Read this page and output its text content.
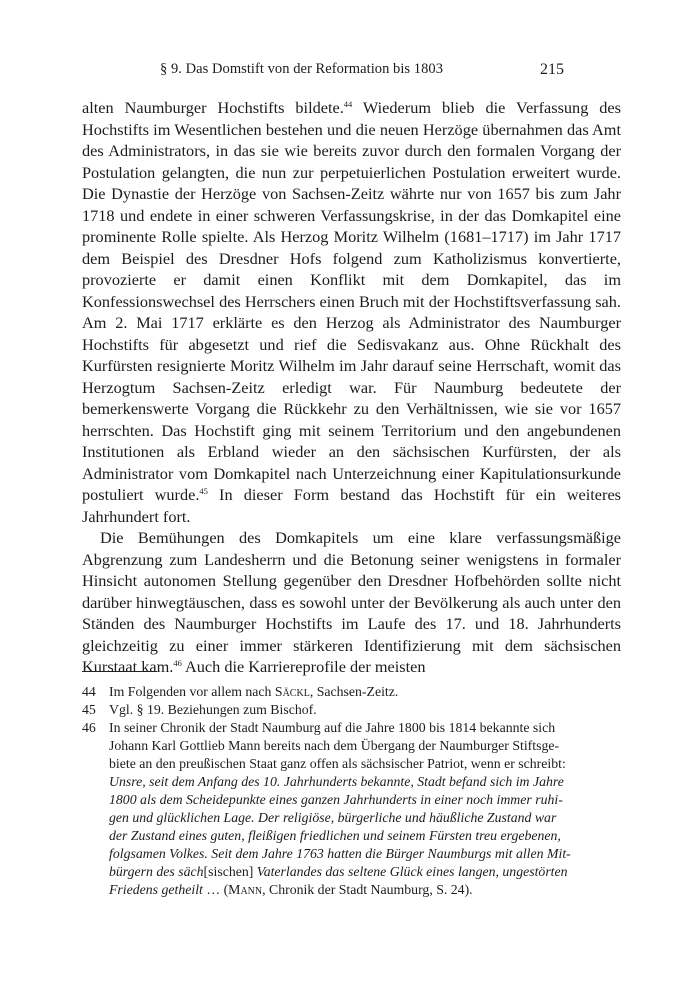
§ 9. Das Domstift von der Reformation bis 1803	215

alten Naumburger Hochstifts bildete.$^{44}$ Wiederum blieb die Verfassung des Hochstifts im Wesentlichen bestehen und die neuen Herzöge übernahmen das Amt des Administrators, in das sie wie bereits zuvor durch den formalen Vorgang der Postulation gelangten, die nun zur perpetuierlichen Postulation erweitert wurde. Die Dynastie der Herzöge von Sachsen-Zeitz währte nur von 1657 bis zum Jahr 1718 und endete in einer schweren Verfassungskrise, in der das Domkapitel eine prominente Rolle spielte. Als Herzog Moritz Wilhelm (1681–1717) im Jahr 1717 dem Beispiel des Dresdner Hofs folgend zum Katholizismus konvertierte, provozierte er damit einen Konflikt mit dem Domkapitel, das im Konfessionswechsel des Herrschers einen Bruch mit der Hochstiftsverfassung sah. Am 2. Mai 1717 erklärte es den Herzog als Administrator des Naumburger Hochstifts für abgesetzt und rief die Sedisvakanz aus. Ohne Rückhalt des Kurfürsten resignierte Moritz Wilhelm im Jahr darauf seine Herrschaft, womit das Herzogtum Sachsen-Zeitz erledigt war. Für Naumburg bedeutete der bemerkenswerte Vorgang die Rückkehr zu den Verhältnissen, wie sie vor 1657 herrschten. Das Hochstift ging mit seinem Territorium und den angebundenen Institutionen als Erbland wieder an den sächsischen Kurfürsten, der als Administrator vom Domkapitel nach Unterzeichnung einer Kapitulationsurkunde postuliert wurde.$^{45}$ In dieser Form bestand das Hochstift für ein weiteres Jahrhundert fort.

Die Bemühungen des Domkapitels um eine klare verfassungsmäßige Abgrenzung zum Landesherrn und die Betonung seiner wenigstens in formaler Hinsicht autonomen Stellung gegenüber den Dresdner Hofbehörden sollte nicht darüber hinwegtäuschen, dass es sowohl unter der Bevölkerung als auch unter den Ständen des Naumburger Hochstifts im Laufe des 17. und 18. Jahrhunderts gleichzeitig zu einer immer stärkeren Identifizierung mit dem sächsischen Kurstaat kam.$^{46}$ Auch die Karriereprofile der meisten

44 Im Folgenden vor allem nach Säckl, Sachsen-Zeitz.
45 Vgl. § 19. Beziehungen zum Bischof.
46 In seiner Chronik der Stadt Naumburg auf die Jahre 1800 bis 1814 bekannte sich
Johann Karl Gottlieb Mann bereits nach dem Übergang der Naumburger Stiftsge-
biete an den preußischen Staat ganz offen als sächsischer Patriot, wenn er schreibt:
Unsre, seit dem Anfang des 10. Jahrhunderts bekannte, Stadt befand sich im Jahre
1800 als dem Scheidepunkte eines ganzen Jahrhunderts in einer noch immer ruhi-
gen und glücklichen Lage. Der religiöse, bürgerliche und häußliche Zustand war
der Zustand eines guten, fleißigen friedlichen und seinem Fürsten treu ergebenen,
folgsamen Volkes. Seit dem Jahre 1763 hatten die Bürger Naumburgs mit allen Mit-
bürgern des säch[sischen] Vaterlandes das seltene Glück eines langen, ungestörten
Friedens getheilt … (Mann, Chronik der Stadt Naumburg, S. 24).
